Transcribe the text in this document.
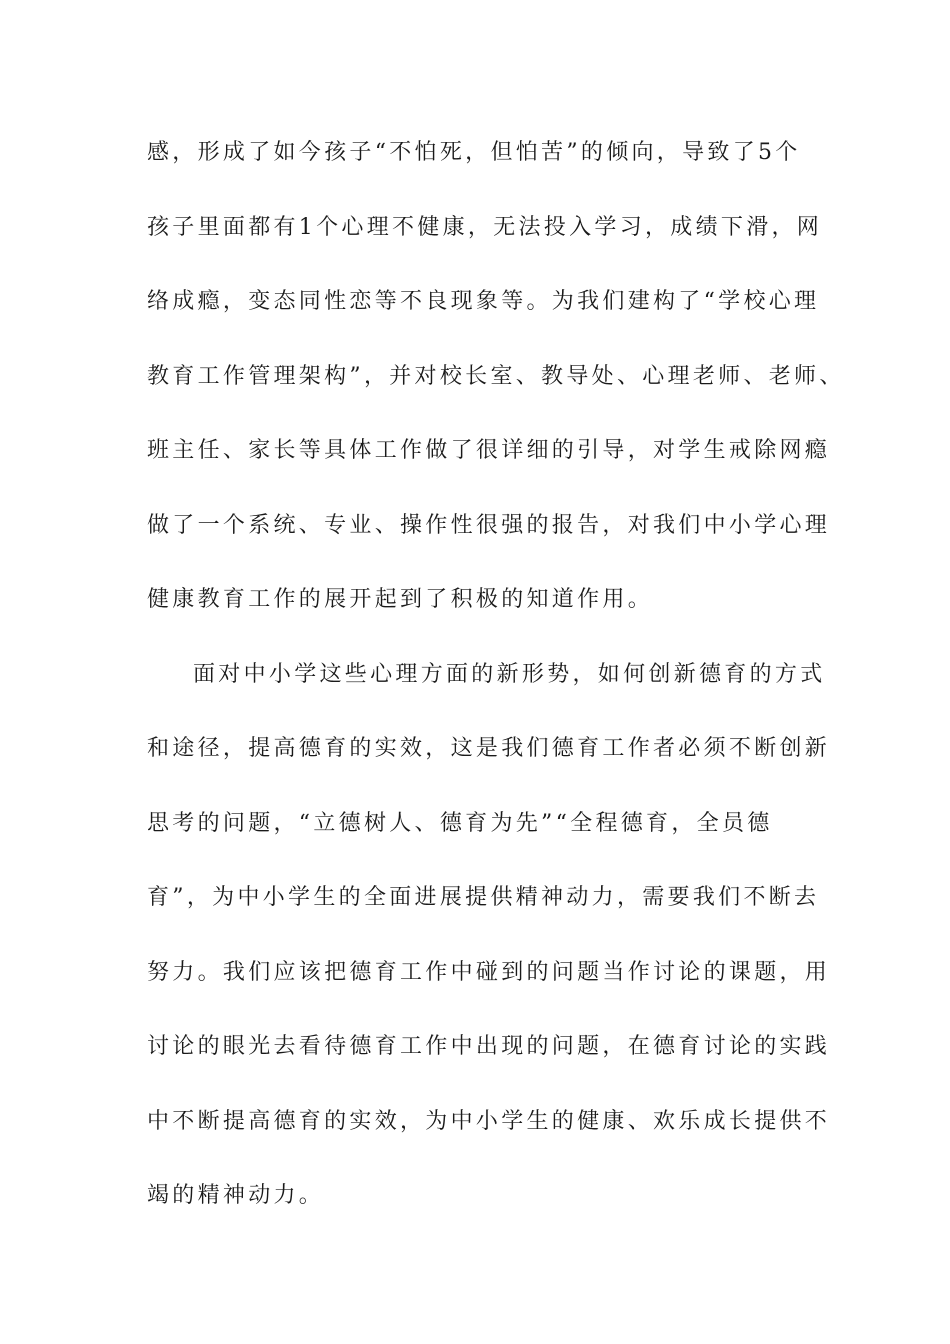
感，形成了如今孩子“不怕死，但怕苦”的倾向，导致了5个
孩子里面都有1个心理不健康，无法投入学习，成绩下滑，网
络成瘾，变态同性恋等不良现象等。为我们建构了“学校心理
教育工作管理架构”，并对校长室、教导处、心理老师、老师、
班主任、家长等具体工作做了很详细的引导，对学生戒除网瘾
做了一个系统、专业、操作性很强的报告，对我们中小学心理
健康教育工作的展开起到了积极的知道作用。
面对中小学这些心理方面的新形势，如何创新德育的方式
和途径，提高德育的实效，这是我们德育工作者必须不断创新
思考的问题，“立德树人、德育为先”“全程德育，全员德
育”，为中小学生的全面进展提供精神动力，需要我们不断去
努力。我们应该把德育工作中碰到的问题当作讨论的课题，用
讨论的眼光去看待德育工作中出现的问题，在德育讨论的实践
中不断提高德育的实效，为中小学生的健康、欢乐成长提供不
竭的精神动力。
